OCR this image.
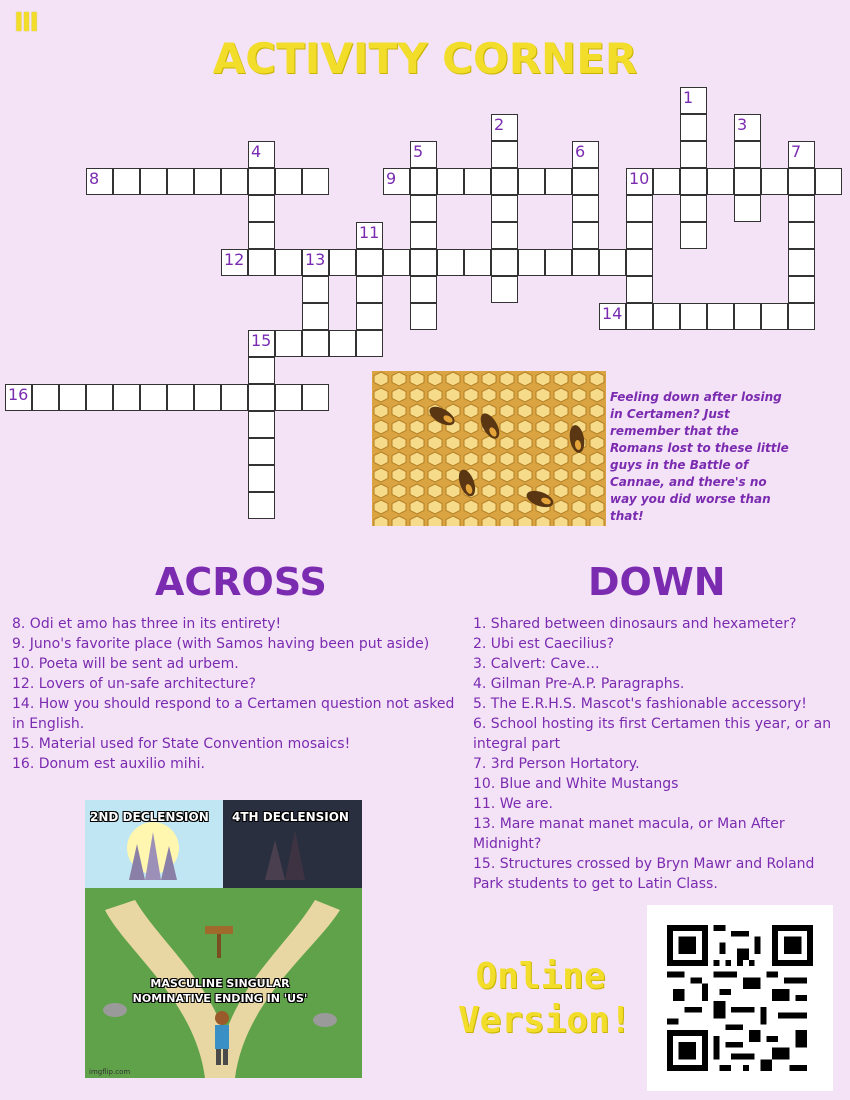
III
ACTIVITY CORNER
1
2	3
4	5	6	7
8	9	10
11
12	13
14
15
16	Feeling down after losing in Certamen? Just remember that the Romans lost to these little guys in the Battle of Cannae, and there's no way you did worse than that!
ACROSS	DOWN
8. Odi et amo has three in its entirety!
9. Juno's favorite place (with Samos having been put aside)
10. Poeta will be sent ad urbem.
12. Lovers of un-safe architecture?
14. How you should respond to a Certamen question not asked in English.
15. Material used for State Convention mosaics!
16. Donum est auxilio mihi.
1. Shared between dinosaurs and hexameter?
2. Ubi est Caecilius?
3. Calvert: Cave…
4. Gilman Pre-A.P. Paragraphs.
5. The E.R.H.S. Mascot's fashionable accessory!
6. School hosting its first Certamen this year, or an integral part
7. 3rd Person Hortatory.
10. Blue and White Mustangs
11. We are.
13. Mare manat manet macula, or Man After Midnight?
15. Structures crossed by Bryn Mawr and Roland Park students to get to Latin Class.
2ND DECLENSION 4TH DECLENSION
MASCULINE SINGULAR NOMINATIVE ENDING IN 'US'
imgflip.com
Online
Version!
